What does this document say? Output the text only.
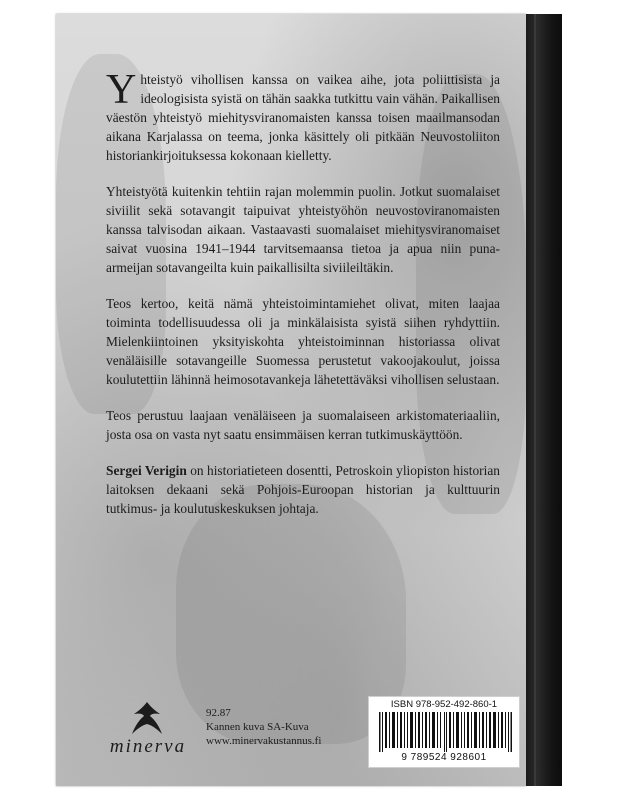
Yhteistyö vihollisen kanssa on vaikea aihe, jota poliittisista ja ideologisista syistä on tähän saakka tutkittu vain vähän. Paikallisen väestön yhteistyö miehitysviranomaisten kanssa toisen maailmansodan aikana Karjalassa on teema, jonka käsittely oli pitkään Neuvostoliiton historiankirjoituksessa kokonaan kielletty.

Yhteistyötä kuitenkin tehtiin rajan molemmin puolin. Jotkut suomalaiset siviilit sekä sotavangit taipuivat yhteistyöhön neuvostoviranomaisten kanssa talvisodan aikaan. Vastaavasti suomalaiset miehitysviranomaiset saivat vuosina 1941–1944 tarvitsemaansa tietoa ja apua niin puna-armeijan sotavangeilta kuin paikallisilta siviileiltäkin.

Teos kertoo, keitä nämä yhteistoimintamiehet olivat, miten laajaa toiminta todellisuudessa oli ja minkälaisista syistä siihen ryhdyttiin. Mielenkiintoinen yksityiskohta yhteistoiminnan historiassa olivat venäläisille sotavangeille Suomessa perustetut vakoojakoulut, joissa koulutettiin lähinnä heimosotavankeja lähetettäväksi vihollisen selustaan.

Teos perustuu laajaan venäläiseen ja suomalaiseen arkistomateriaaliin, josta osa on vasta nyt saatu ensimmäisen kerran tutkimuskäyttöön.

Sergei Verigin on historiatieteen dosentti, Petroskoin yliopiston historian laitoksen dekaani sekä Pohjois-Euroopan historian ja kulttuurin tutkimus- ja koulutuskeskuksen johtaja.

minerva
92.87
Kannen kuva SA-Kuva
www.minervakustannus.fi
ISBN 978-952-492-860-1
9 789524 928601
